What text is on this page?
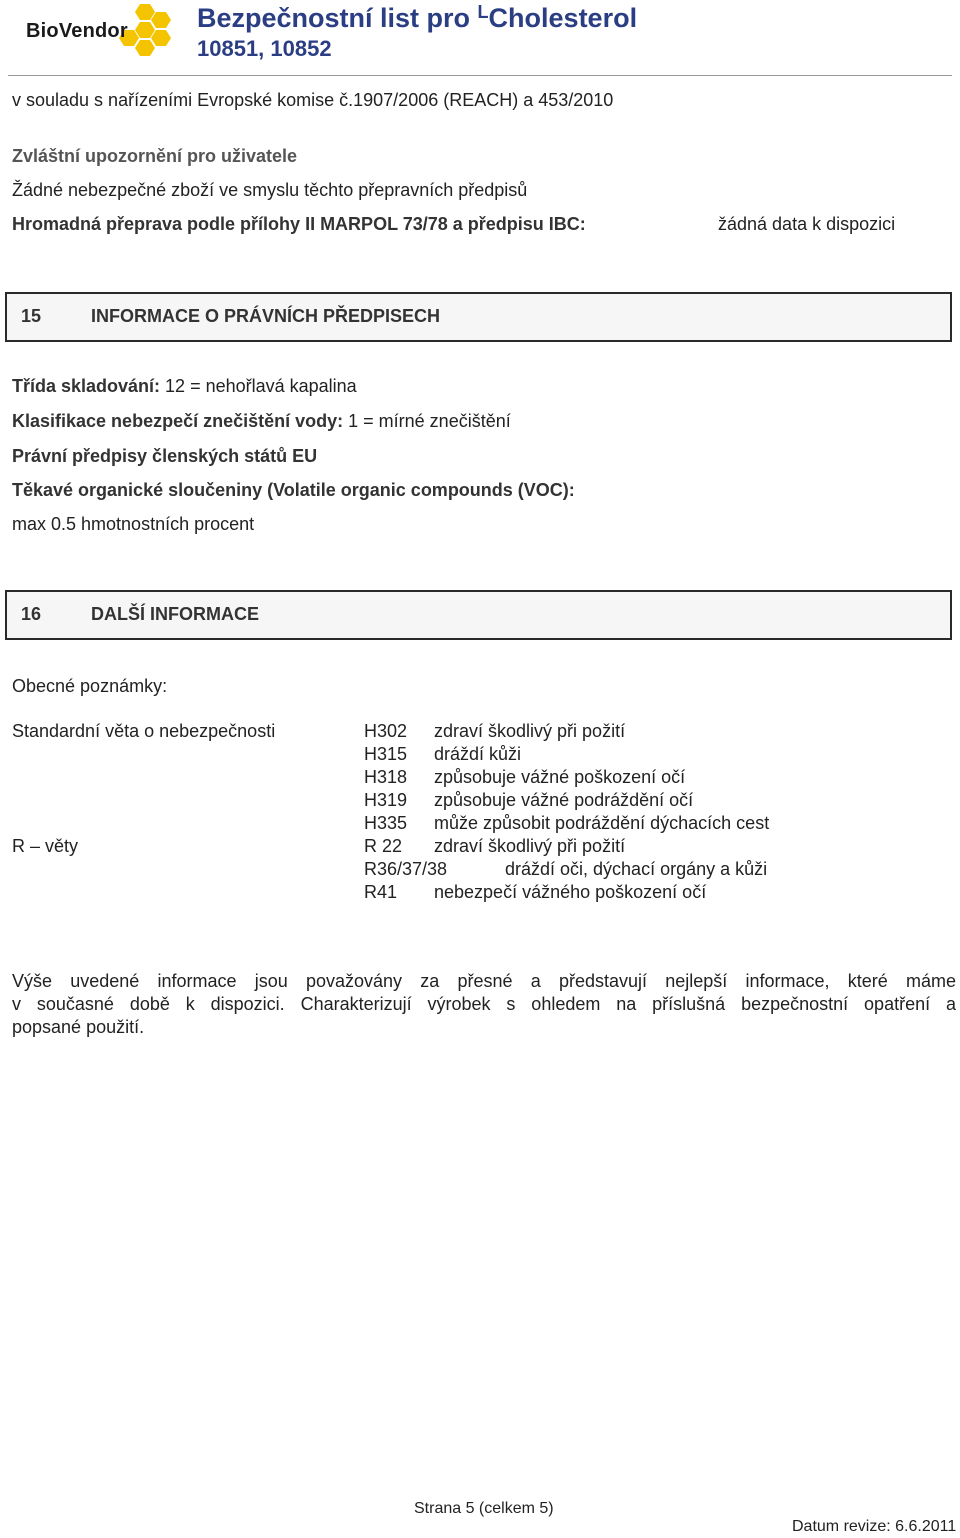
BioVendor	Bezpečnostní list pro $^L$Cholesterol
10851, 10852
v souladu s nařízeními Evropské komise č.1907/2006 (REACH) a 453/2010
Zvláštní upozornění pro uživatele
Žádné nebezpečné zboží ve smyslu těchto přepravních předpisů
Hromadná přeprava podle přílohy II MARPOL 73/78 a předpisu IBC:	žádná data k dispozici
15	INFORMACE O PRÁVNÍCH PŘEDPISECH
Třída skladování: 12 = nehořlavá kapalina
Klasifikace nebezpečí znečištění vody: 1 = mírné znečištění
Právní předpisy členských států EU
Těkavé organické sloučeniny (Volatile organic compounds (VOC):
max 0.5 hmotnostních procent
16	DALŠÍ INFORMACE
Obecné poznámky:
Standardní věta o nebezpečnosti	H302 zdraví škodlivý při požití
H315 dráždí kůži
H318 způsobuje vážné poškození očí
H319 způsobuje vážné podráždění očí
H335 může způsobit podráždění dýchacích cest
R – věty	R 22 zdraví škodlivý při požití
R36/37/38	dráždí oči, dýchací orgány a kůži
R41 nebezpečí vážného poškození očí
Výše uvedené informace jsou považovány za přesné a představují nejlepší informace, které máme
v současné době k dispozici. Charakterizují výrobek s ohledem na příslušná bezpečnostní opatření a
popsané použití.
Strana 5 (celkem 5)
Datum revize: 6.6.2011
